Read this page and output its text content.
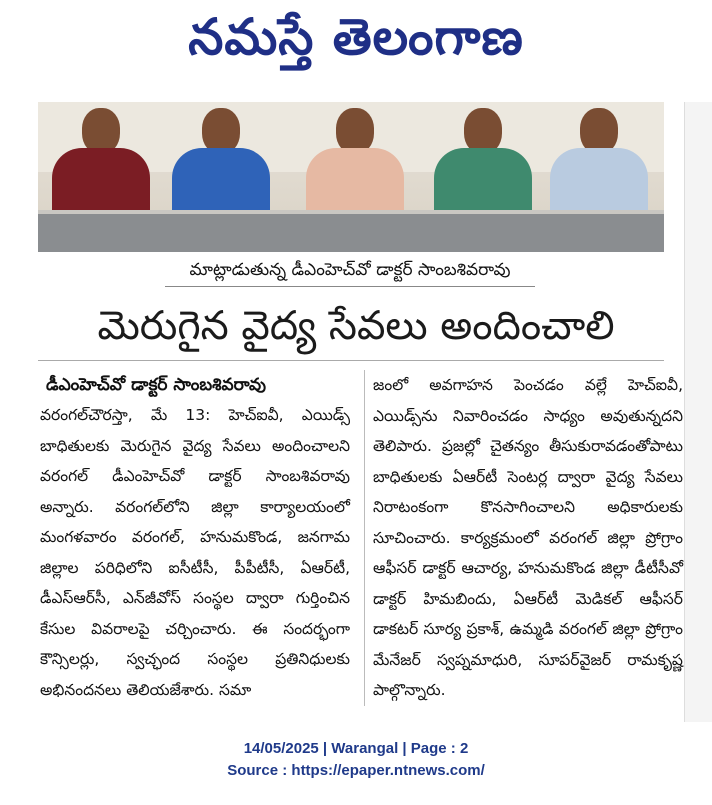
నమస్తే తెలంగాణ
మాట్లాడుతున్న డీఎంహెచ్‌వో డాక్టర్ సాంబశివరావు
మెరుగైన వైద్య సేవలు అందించాలి
డీఎంహెచ్‌వో డాక్టర్ సాంబశివరావు
వరంగల్‌చౌరస్తా, మే 13: హెచ్ఐవీ, ఎయిడ్స్ బాధితులకు మెరుగైన వైద్య సేవలు అందించాలని వరంగల్ డీఎంహెచ్‌వో డాక్టర్ సాంబశివరావు అన్నారు. వరంగల్‌లోని జిల్లా కార్యాలయంలో మంగళవారం వరంగల్, హనుమకొండ, జనగామ జిల్లాల పరిధిలోని ఐసీటీసీ, పీపీటీసీ, ఏఆర్‌టీ, డీఎస్ఆర్‌సీ, ఎన్‌జీవోస్ సంస్థల ద్వారా గుర్తించిన కేసుల వివరాలపై చర్చించారు. ఈ సందర్భంగా కౌన్సిలర్లు, స్వచ్ఛంద సంస్థల ప్రతినిధులకు అభినందనలు తెలియజేశారు. సమా
జంలో అవగాహన పెంచడం వల్లే హెచ్ఐవీ, ఎయిడ్స్‌ను నివారించడం సాధ్యం అవుతున్నదని తెలిపారు. ప్రజల్లో చైతన్యం తీసుకురావడంతోపాటు బాధితులకు ఏఆర్‌టీ సెంటర్ల ద్వారా వైద్య సేవలు నిరాటంకంగా కొనసాగించాలని అధికారులకు సూచించారు. కార్యక్రమంలో వరంగల్ జిల్లా ప్రోగ్రాం ఆఫీసర్ డాక్టర్ ఆచార్య, హనుమకొండ జిల్లా డీటీసీవో డాక్టర్ హిమబిందు, ఏఆర్‌టీ మెడికల్ ఆఫీసర్ డాకటర్ సూర్య ప్రకాశ్, ఉమ్మడి వరంగల్ జిల్లా ప్రోగ్రాం మేనేజర్ స్వప్నమాధురి, సూపర్‌వైజర్ రామకృష్ణ పాల్గొన్నారు.
14/05/2025 | Warangal | Page : 2
Source : https://epaper.ntnews.com/
